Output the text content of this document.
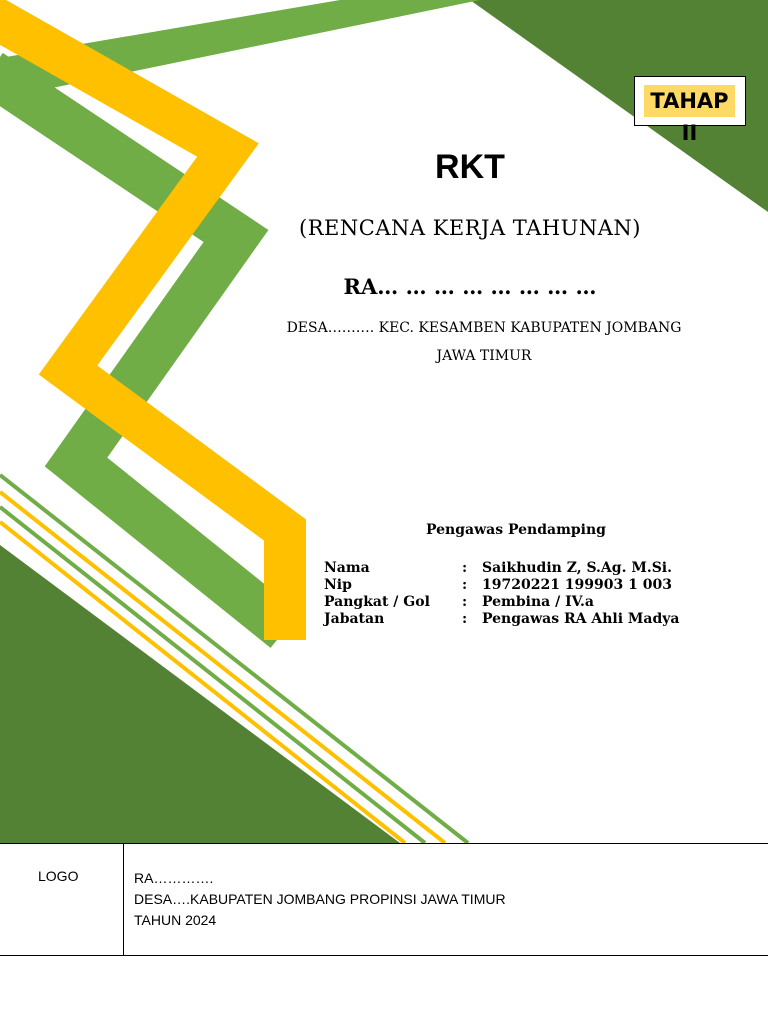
TAHAP II
RKT
(RENCANA KERJA TAHUNAN)
RA… … … … … … … …
DESA………. KEC. KESAMBEN KABUPATEN JOMBANG
JAWA TIMUR
Pengawas Pendamping
Nama	:	Saikhudin Z, S.Ag. M.Si.
Nip	:	19720221 199903 1 003
Pangkat / Gol	:	Pembina / IV.a
Jabatan	:	Pengawas RA Ahli Madya
LOGO	RA………….
DESA….KABUPATEN JOMBANG PROPINSI JAWA TIMUR
TAHUN 2024
